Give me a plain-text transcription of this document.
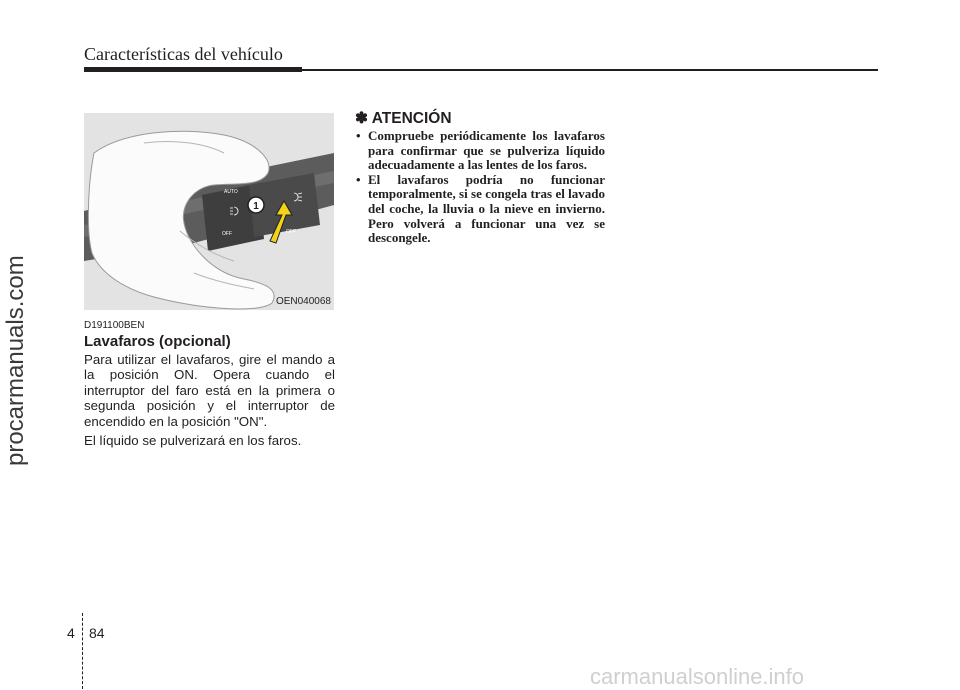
Características del vehículo
procarmanuals.com
1
AUTO
OFF	OFF
OEN040068
D191100BEN
Lavafaros (opcional)

Para utilizar el lavafaros, gire el mando a la posición ON. Opera cuando el interruptor del faro está en la primera o segunda posición y el interruptor de encendido en la posición "ON".

El líquido se pulverizará en los faros.

✽ ATENCIÓN
• Compruebe periódicamente los lavafaros para confirmar que se pulveriza líquido adecuadamente a las lentes de los faros.
• El lavafaros podría no funcionar temporalmente, si se congela tras el lavado del coche, la lluvia o la nieve en invierno. Pero volverá a funcionar una vez se descongele.
4 84
carmanualsonline.info
